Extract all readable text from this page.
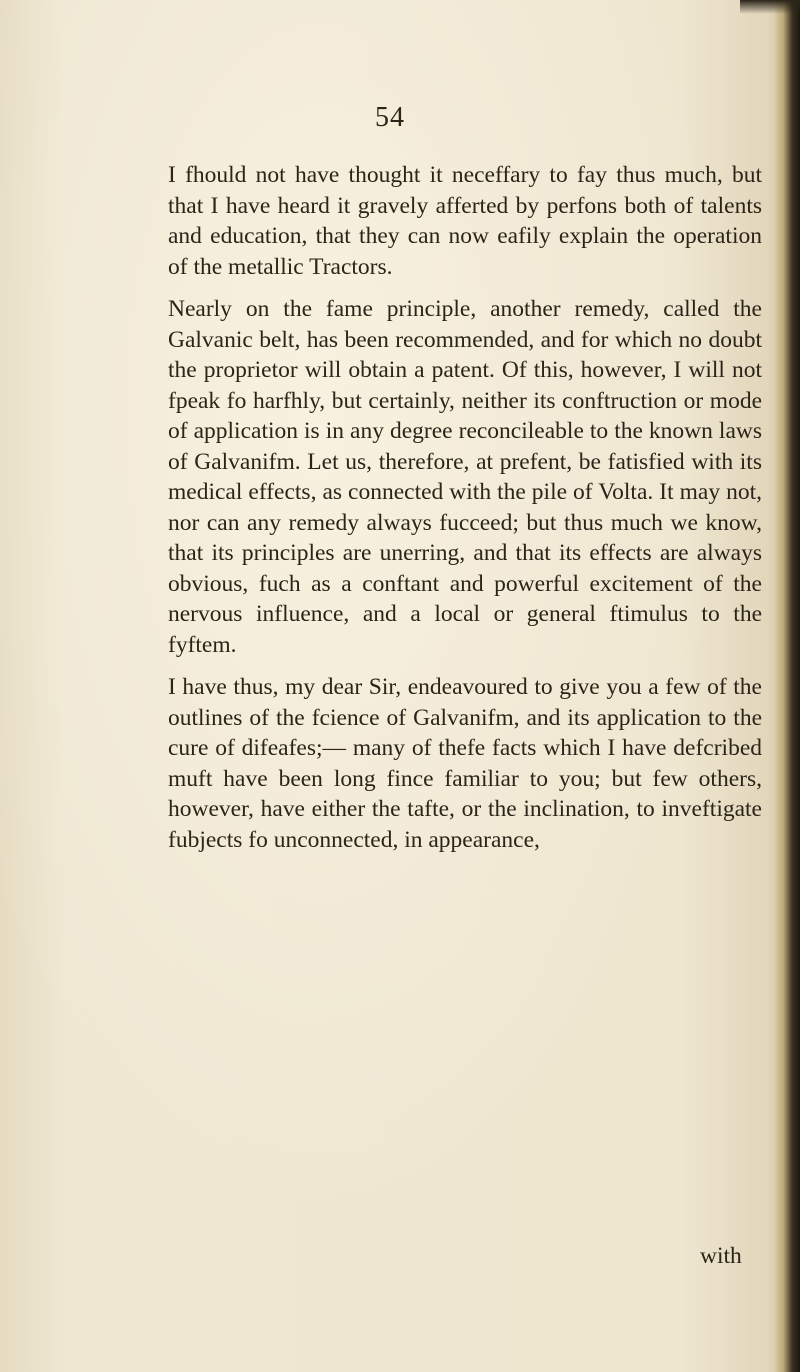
54

I fhould not have thought it neceffary to fay thus much, but that I have heard it gravely afferted by perfons both of talents and education, that they can now eafily explain the operation of the metallic Tractors.

Nearly on the fame principle, another remedy, called the Galvanic belt, has been recommended, and for which no doubt the proprietor will obtain a patent. Of this, however, I will not fpeak fo harfhly, but certainly, neither its conftruction or mode of application is in any degree reconcileable to the known laws of Galvanifm. Let us, therefore, at prefent, be fatisfied with its medical effects, as connected with the pile of Volta. It may not, nor can any remedy always fucceed; but thus much we know, that its principles are unerring, and that its effects are always obvious, fuch as a conftant and powerful excitement of the nervous influence, and a local or general ftimulus to the fyftem.

I have thus, my dear Sir, endeavoured to give you a few of the outlines of the fcience of Galvanifm, and its application to the cure of difeafes;— many of thefe facts which I have defcribed muft have been long fince familiar to you; but few others, however, have either the tafte, or the inclination, to inveftigate fubjects fo unconnected, in appearance,

with
